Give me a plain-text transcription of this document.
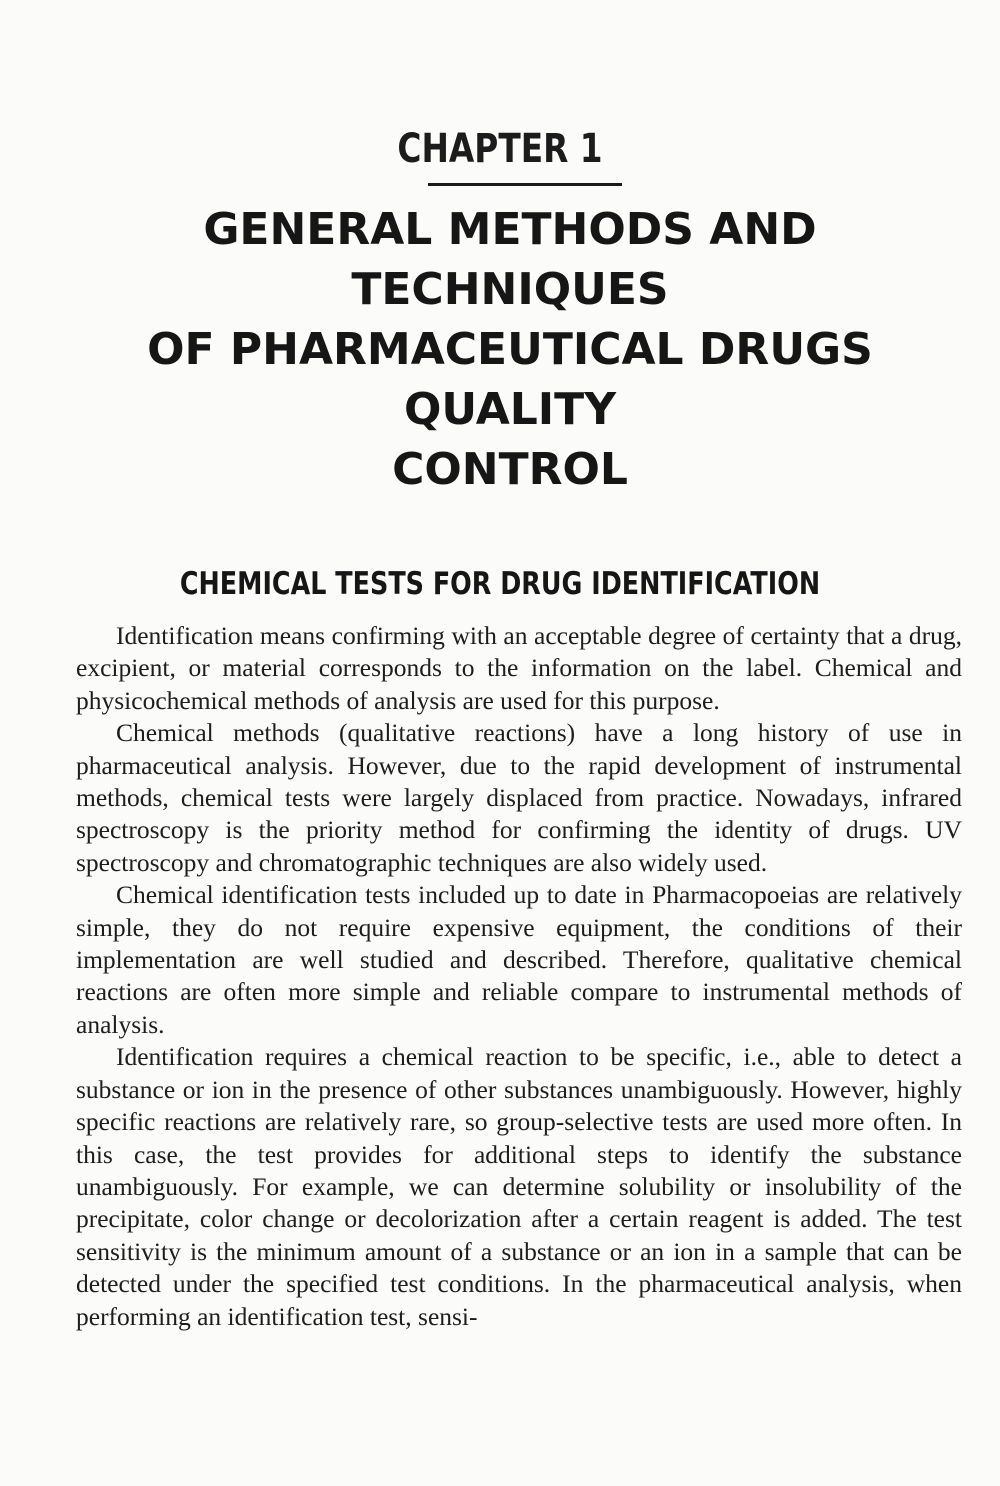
CHAPTER 1
GENERAL METHODS AND TECHNIQUES
OF PHARMACEUTICAL DRUGS QUALITY
CONTROL
CHEMICAL TESTS FOR DRUG IDENTIFICATION

Identification means confirming with an acceptable degree of certainty that a drug, excipient, or material corresponds to the information on the label. Chemical and physicochemical methods of analysis are used for this purpose.

Chemical methods (qualitative reactions) have a long history of use in pharmaceutical analysis. However, due to the rapid development of instrumental methods, chemical tests were largely displaced from practice. Nowadays, infrared spectroscopy is the priority method for confirming the identity of drugs. UV spectroscopy and chromatographic techniques are also widely used.

Chemical identification tests included up to date in Pharmacopoeias are relatively simple, they do not require expensive equipment, the conditions of their implementation are well studied and described. Therefore, qualitative chemical reactions are often more simple and reliable compare to instrumental methods of analysis.

Identification requires a chemical reaction to be specific, i.e., able to detect a substance or ion in the presence of other substances unambiguously. However, highly specific reactions are relatively rare, so group-selective tests are used more often. In this case, the test provides for additional steps to identify the substance unambiguously. For example, we can determine solubility or insolubility of the precipitate, color change or decolorization after a certain reagent is added. The test sensitivity is the minimum amount of a substance or an ion in a sample that can be detected under the specified test conditions. In the pharmaceutical analysis, when performing an identification test, sensi-
